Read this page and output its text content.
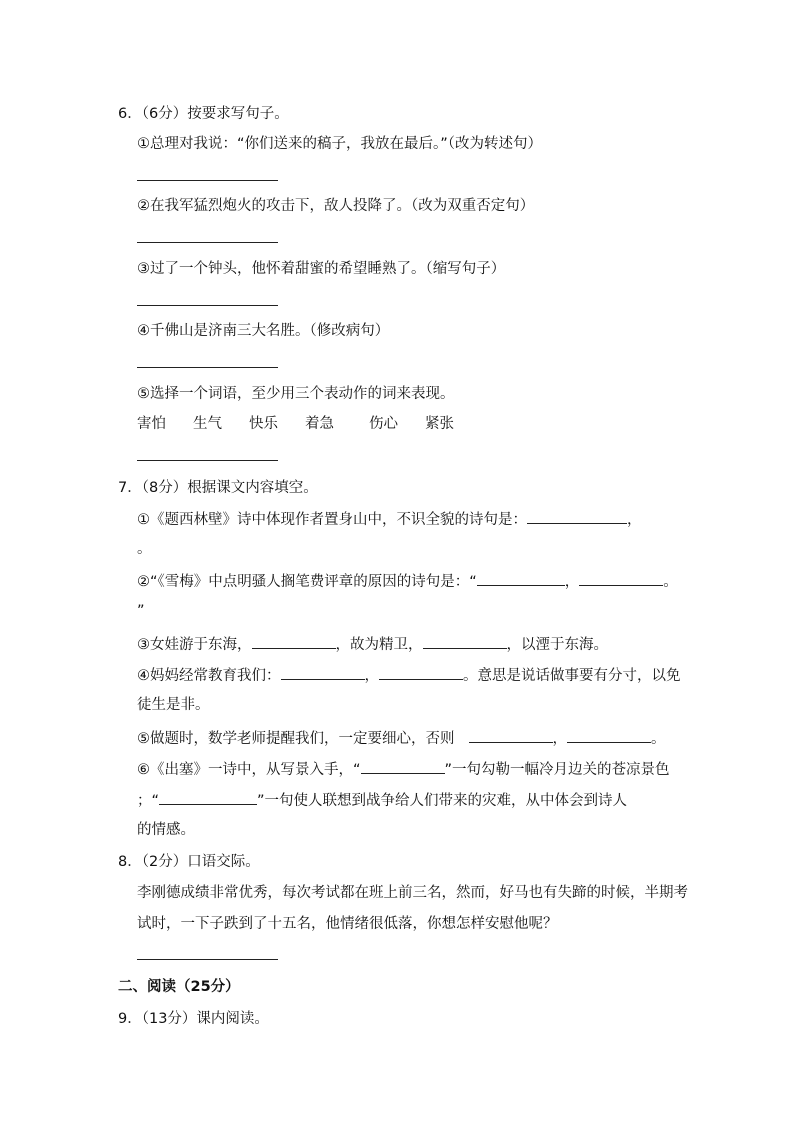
6．（6分）按要求写句子。
①总理对我说：“你们送来的稿子，我放在最后。”（改为转述句）
②在我军猛烈炮火的攻击下，敌人投降了。（改为双重否定句）
③过了一个钟头，他怀着甜蜜的希望睡熟了。（缩写句子）
④千佛山是济南三大名胜。（修改病句）
⑤选择一个词语，至少用三个表动作的词来表现。
害怕 生气 快乐 着急 伤心 紧张
7．（8分）根据课文内容填空。
①《题西林壁》诗中体现作者置身山中，不识全貌的诗句是：	，
。
②“《雪梅》中点明骚人搁笔费评章的原因的诗句是：“	，	。
”
③女娃游于东海，	，故为精卫，	，以湮于东海。
④妈妈经常教育我们：	，	。意思是说话做事要有分寸，以免
徒生是非。
⑤做题时，数学老师提醒我们，一定要细心，否则	，	。
⑥《出塞》一诗中，从写景入手，“	”一句勾勒一幅冷月边关的苍凉景色
；“	”一句使人联想到战争给人们带来的灾难，从中体会到诗人
的情感。
8．（2分）口语交际。
李刚德成绩非常优秀，每次考试都在班上前三名，然而，好马也有失蹄的时候，半期考
试时，一下子跌到了十五名，他情绪很低落，你想怎样安慰他呢？
二、阅读（25分）
9．（13分）课内阅读。
